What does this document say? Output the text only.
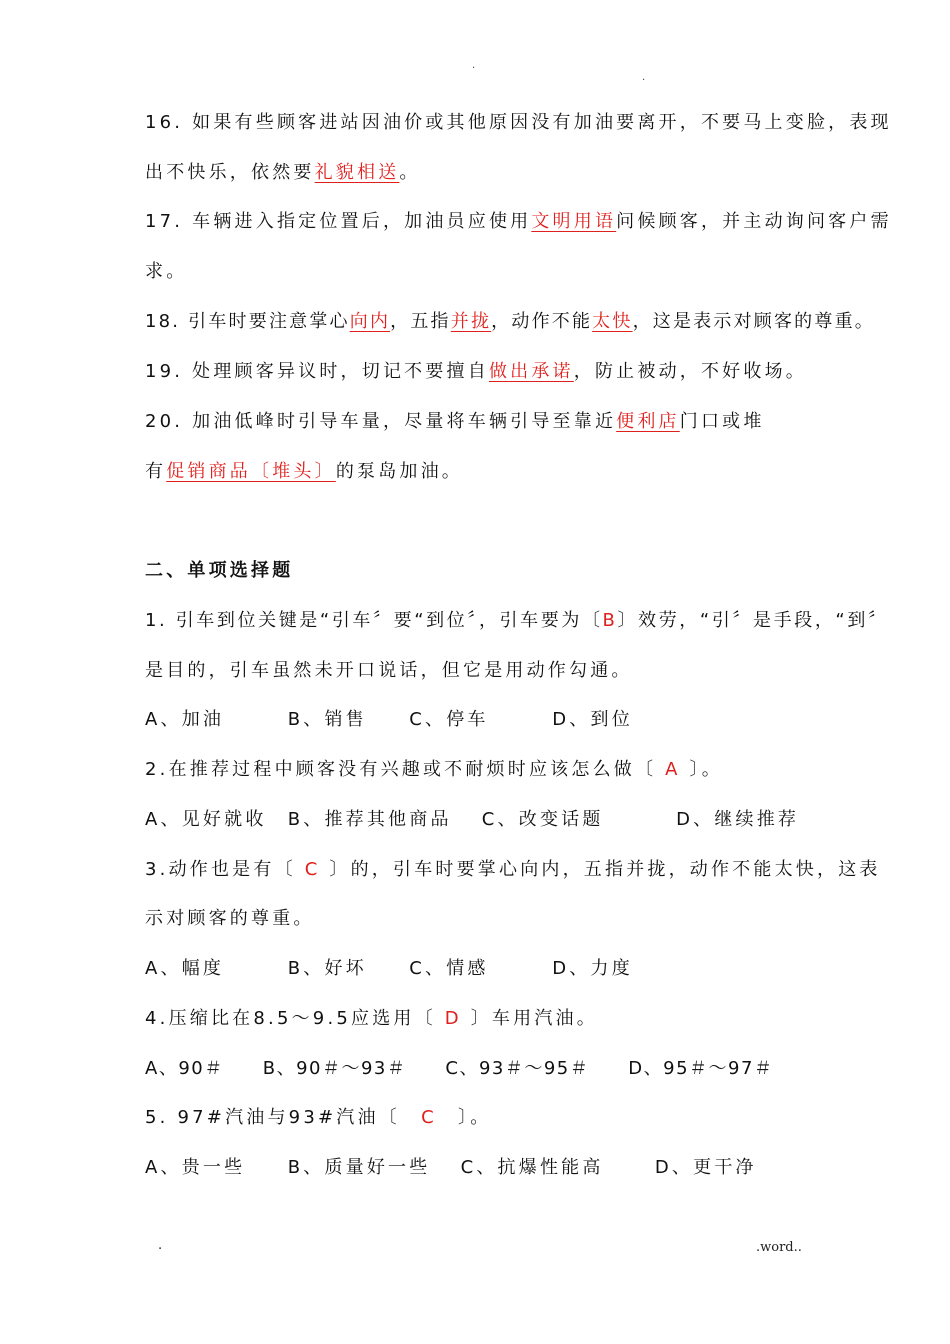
.
.
16. 如果有些顾客进站因油价或其他原因没有加油要离开，不要马上变脸，表现
出不快乐，依然要礼貌相送。
17. 车辆进入指定位置后，加油员应使用文明用语问候顾客，并主动询问客户需
求。
18. 引车时要注意掌心向内，五指并拢，动作不能太快，这是表示对顾客的尊重。
19. 处理顾客异议时，切记不要擅自做出承诺，防止被动，不好收场。
20. 加油低峰时引导车量，尽量将车辆引导至靠近便利店门口或堆
有促销商品〔堆头〕的泵岛加油。
二、单项选择题
1. 引车到位关键是“引车〞要“到位〞，引车要为〔B〕效劳，“引〞是手段，“到〞
是目的，引车虽然未开口说话，但它是用动作勾通。
A、加油　　　B、销售　　C、停车　　　D、到位
2.在推荐过程中顾客没有兴趣或不耐烦时应该怎么做〔 A 〕。
A、见好就收　B、推荐其他商品　 C、改变话题　　　 D、继续推荐
3.动作也是有〔 C 〕的，引车时要掌心向内，五指并拢，动作不能太快，这表
示对顾客的尊重。
A、幅度　　　B、好坏　　C、情感　　　D、力度
4.压缩比在8.5～9.5应选用〔 D 〕车用汽油。
A、90＃　　B、90＃～93＃　　C、93＃～95＃　　D、95＃～97＃
5. 97#汽油与93#汽油〔　C　〕。
A、贵一些　　B、质量好一些　 C、抗爆性能高　　 D、更干净
.	.word..
